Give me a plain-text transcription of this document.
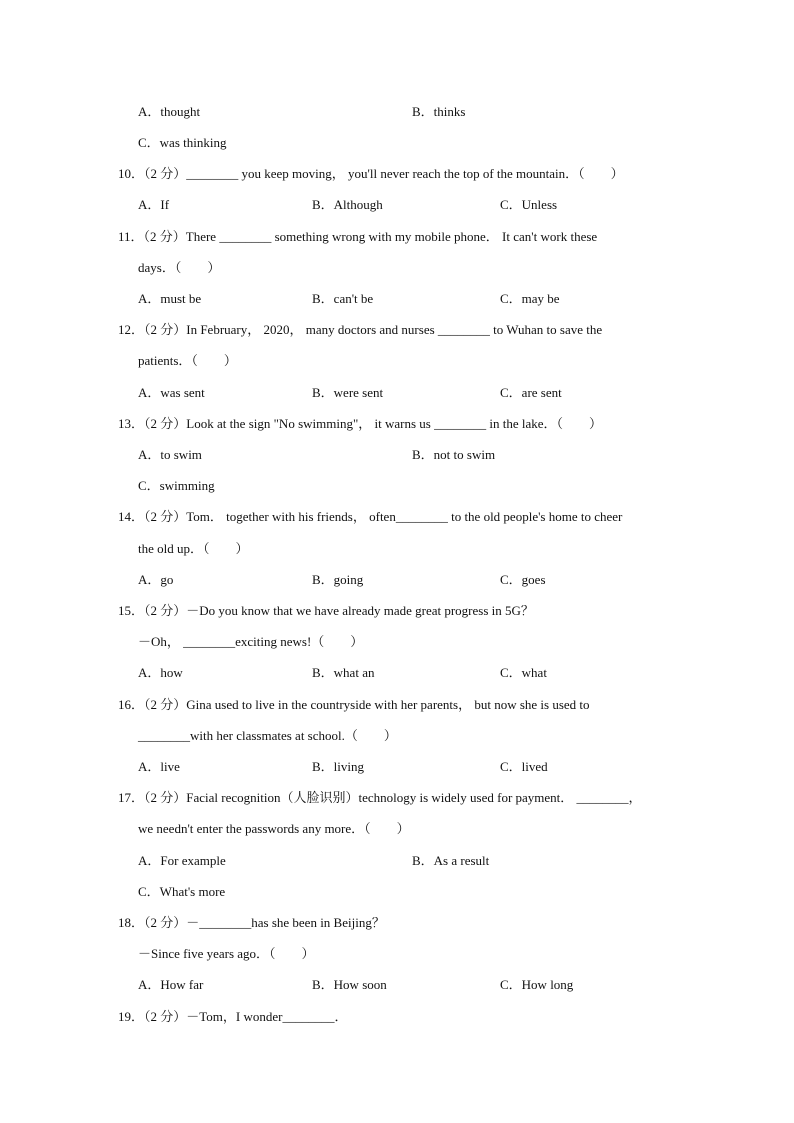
A．thought	B．thinks
C．was thinking
10．（2 分）________ you keep moving， you'll never reach the top of the mountain．（　　）
A．If	B．Although	C．Unless
11．（2 分）There ________ something wrong with my mobile phone． It can't work these
days．（　　）
A．must be	B．can't be	C．may be
12．（2 分）In February， 2020， many doctors and nurses ________ to Wuhan to save the
patients．（　　）
A．was sent	B．were sent	C．are sent
13．（2 分）Look at the sign "No swimming"， it warns us ________ in the lake．（　　）
A．to swim	B．not to swim
C．swimming
14．（2 分）Tom． together with his friends， often________ to the old people's home to cheer
the old up．（　　）
A．go	B．going	C．goes
15．（2 分）－Do you know that we have already made great progress in 5G？
－Oh， ________exciting news!（　　）
A．how	B．what an	C．what
16．（2 分）Gina used to live in the countryside with her parents， but now she is used to
________with her classmates at school.（　　）
A．live	B．living	C．lived
17．（2 分）Facial recognition（人脸识别）technology is widely used for payment． ________，
we needn't enter the passwords any more．（　　）
A．For example	B．As a result
C．What's more
18．（2 分）－________has she been in Beijing？
－Since five years ago．（　　）
A．How far	B．How soon	C．How long
19．（2 分）－Tom，I wonder________．
